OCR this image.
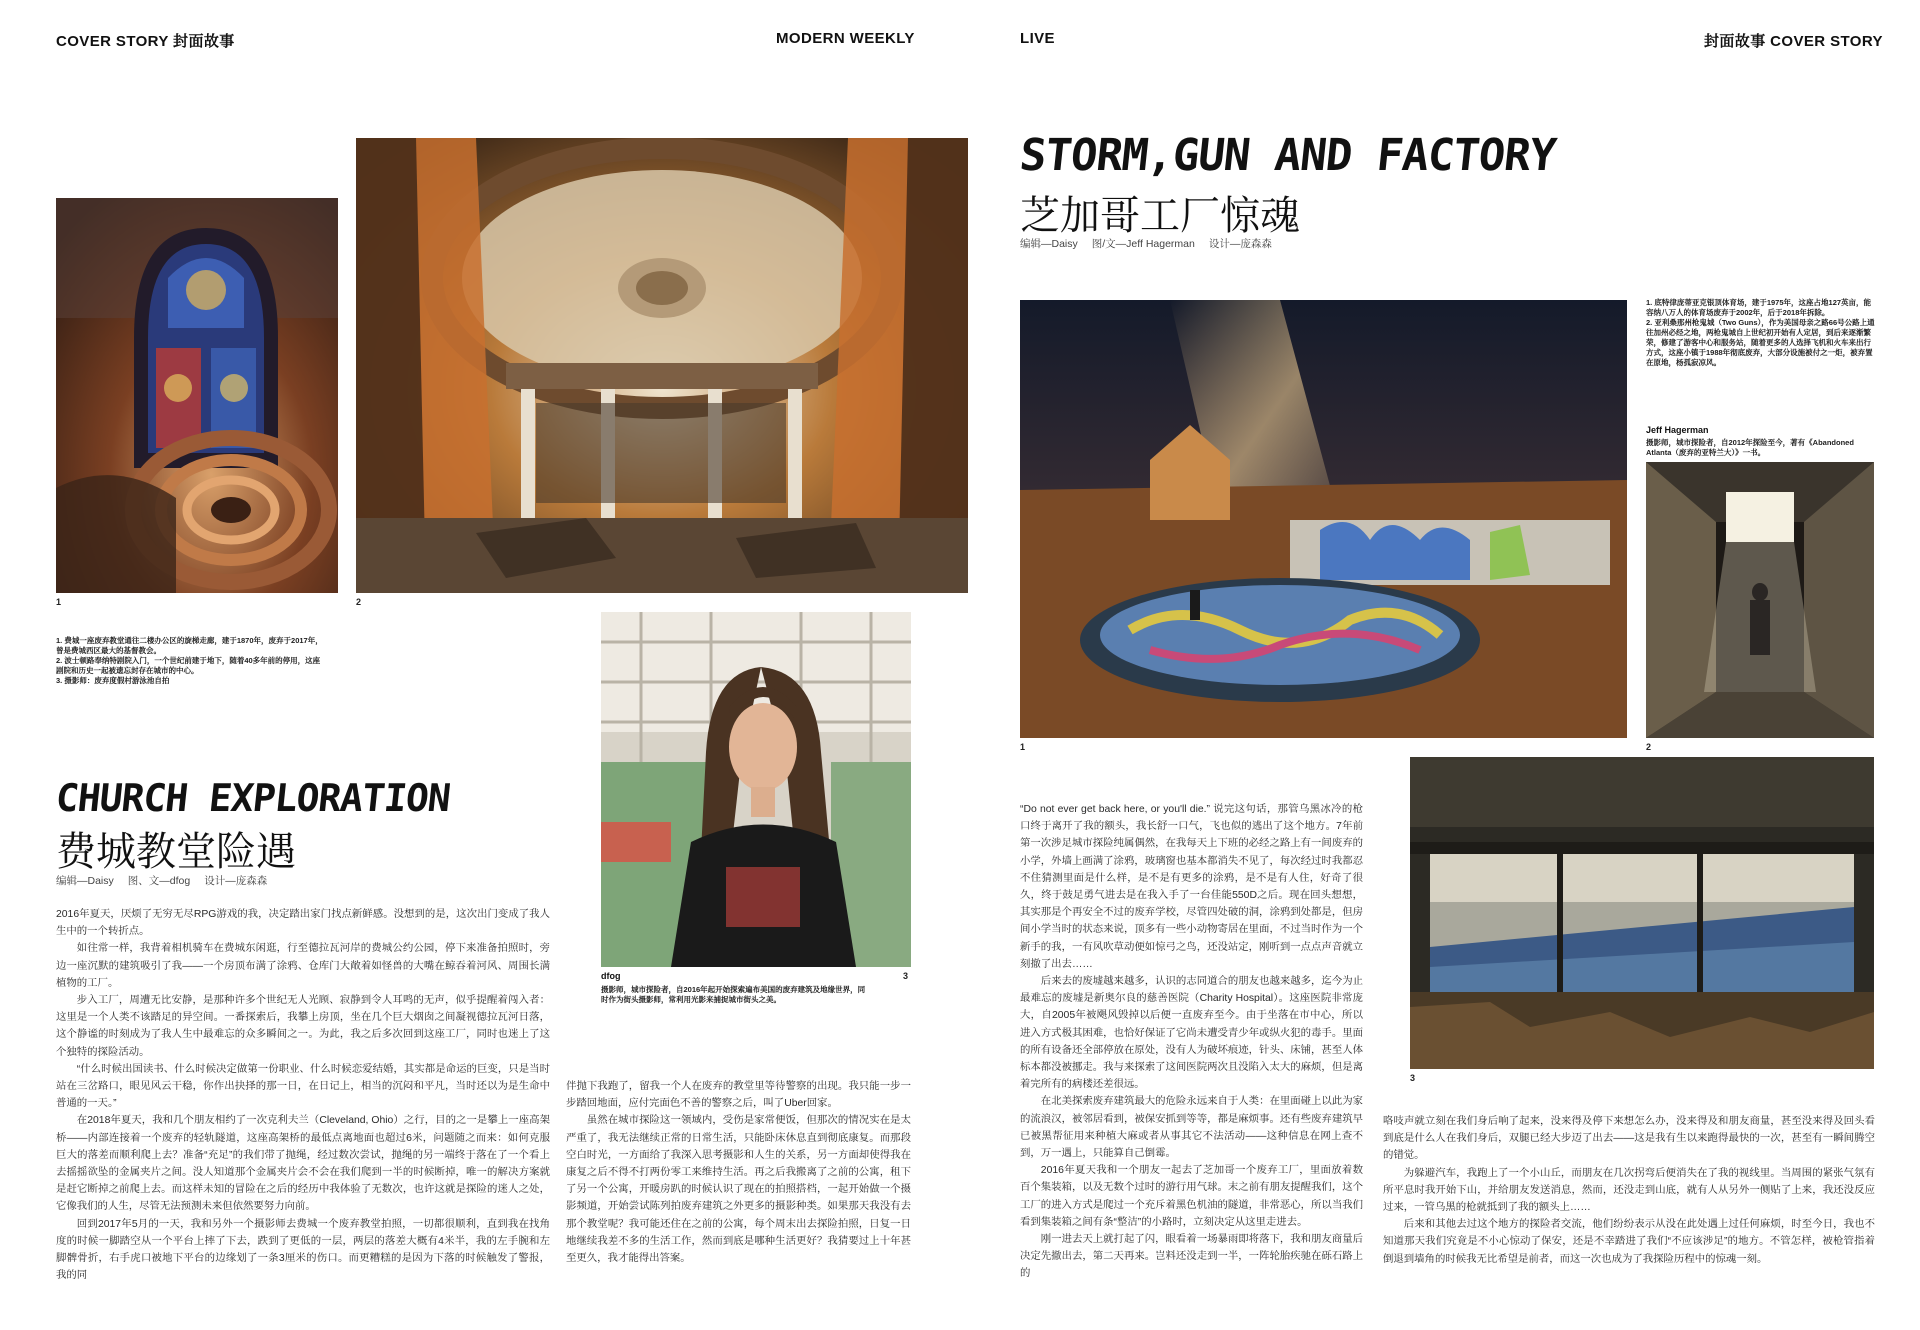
COVER STORY 封面故事	MODERN WEEKLY	LIVE	封面故事 COVER STORY
1	2

1. 费城一座废弃教堂通往二楼办公区的旋梯走廊，建于1870年，废弃于2017年，曾是费城西区最大的基督教会。

2. 波士顿路奉纳特剧院入门，一个世纪前建于地下，随着40多年前的停用，这座剧院和历史一起被遗忘封存在城市的中心。

3. 摄影师：废弃度假村游泳池自拍

dfog	3
摄影师，城市探险者，自2016年起开始探索遍布美国的废弃建筑及地缘世界，同时作为街头摄影师，常利用光影来捕捉城市街头之美。
CHURCH EXPLORATION
费城教堂险遇
编辑—Daisy 图、文—dfog 设计—庞森森

2016年夏天，厌烦了无穷无尽RPG游戏的我，决定踏出家门找点新鲜感。没想到的是，这次出门变成了我人生中的一个转折点。

如往常一样，我背着相机骑车在费城东闲逛，行至德拉瓦河岸的费城公约公园，停下来准备拍照时，旁边一座沉默的建筑吸引了我——一个房顶布满了涂鸦、仓库门大敞着如怪兽的大嘴在鲸吞着河风、周围长满植物的工厂。

步入工厂，周遭无比安静，是那种许多个世纪无人光顾、寂静到令人耳鸣的无声，似乎提醒着闯入者：这里是一个人类不该踏足的异空间。一番探索后，我攀上房顶，坐在几个巨大烟囱之间凝视德拉瓦河日落，这个静谧的时刻成为了我人生中最难忘的众多瞬间之一。为此，我之后多次回到这座工厂，同时也迷上了这个独特的探险活动。

“什么时候出国读书、什么时候决定做第一份职业、什么时候恋爱结婚，其实都是命运的巨变，只是当时站在三岔路口，眼见风云干稳，你作出抉择的那一日，在日记上，相当的沉闷和平凡，当时还以为是生命中普通的一天。”

在2018年夏天，我和几个朋友相约了一次克利夫兰（Cleveland, Ohio）之行，目的之一是攀上一座高架桥——内部连接着一个废弃的轻轨隧道，这座高架桥的最低点离地面也超过6米，问题随之而来：如何克服巨大的落差而顺利爬上去？准备“充足”的我们带了抛绳，经过数次尝试，抛绳的另一端终于落在了一个看上去摇摇欲坠的金属夹片之间。没人知道那个金属夹片会不会在我们爬到一半的时候断掉，唯一的解决方案就是赶它断掉之前爬上去。而这样未知的冒险在之后的经历中我体验了无数次，也许这就是探险的迷人之处，它像我们的人生，尽管无法预测未来但依然要努力向前。

回到2017年5月的一天，我和另外一个摄影师去费城一个废弃教堂拍照，一切都很顺利，直到我在找角度的时候一脚踏空从一个平台上摔了下去，跌到了更低的一层，两层的落差大概有4米半，我的左手腕和左脚髀骨折，右手虎口被地下平台的边缘划了一条3厘米的伤口。而更糟糕的是因为下落的时候触发了警报，我的同

伴抛下我跑了，留我一个人在废弃的教堂里等待警察的出现。我只能一步一步踏回地面，应付完面色不善的警察之后，叫了Uber回家。

虽然在城市探险这一领域内，受伤是家常便饭，但那次的情况实在是太严重了，我无法继续正常的日常生活，只能卧床休息直到彻底康复。而那段空白时光，一方面给了我深入思考摄影和人生的关系，另一方面却使得我在康复之后不得不打两份零工来维持生活。再之后我搬离了之前的公寓，租下了另一个公寓，开暖房趴的时候认识了现在的拍照搭档，一起开始做一个摄影频道，开始尝试陈列拍废弃建筑之外更多的摄影种类。如果那天我没有去那个教堂呢？我可能还住在之前的公寓，每个周末出去探险拍照，日复一日地继续我差不多的生活工作，然而到底是哪种生活更好？我猜要过上十年甚至更久，我才能得出答案。

STORM,GUN AND FACTORY
芝加哥工厂惊魂
编辑—Daisy 图/文—Jeff Hagerman 设计—庞森森
1

1. 底特律庞蒂亚克银顶体育场，建于1975年，这座占地127英亩，能容纳八万人的体育场废弃于2002年，后于2018年拆除。

2. 亚利桑那州枪鬼城（Two Guns），作为美国母亲之路66号公路上通往加州必经之地，两枪鬼城自上世纪初开始有人定居，到后来逐渐繁荣，修建了游客中心和服务站，随着更多的人选择飞机和火车来出行方式，这座小镇于1988年彻底废弃，大部分设施被付之一炬，被弃置在原地，杨孤寂凉风。

Jeff Hagerman
摄影师，城市探险者，自2012年探险至今，著有《Abandoned Atlanta（废弃的亚特兰大）》一书。
2
3

“Do not ever get back here, or you'll die.” 说完这句话，那管乌黑冰冷的枪口终于离开了我的额头，我长舒一口气，飞也似的逃出了这个地方。7年前第一次涉足城市探险纯属偶然，在我每天上下班的必经之路上有一间废弃的小学，外墙上画满了涂鸦，玻璃窗也基本都消失不见了，每次经过时我都忍不住猜测里面是什么样，是不是有更多的涂鸦，是不是有人住，好奇了很久，终于鼓足勇气进去是在我入手了一台佳能550D之后。现在回头想想，其实那是个再安全不过的废弃学校，尽管四处破的洞，涂鸦到处都是，但房间小学当时的状态来说，顶多有一些小动物寄居在里面，不过当时作为一个新手的我，一有风吹草动便如惊弓之鸟，还没站定，刚听到一点点声音就立刻撤了出去……

后来去的废墟越来越多，认识的志同道合的朋友也越来越多，迄今为止最难忘的废墟是新奥尔良的慈善医院（Charity Hospital）。这座医院非常庞大，自2005年被飓风毁掉以后便一直废弃至今。由于坐落在市中心，所以进入方式极其困难，也恰好保证了它尚未遭受青少年或纵火犯的毒手。里面的所有设备还全部停放在原处，没有人为破坏痕迹，针头、床铺，甚至人体标本都没被挪走。我与来探索了这间医院两次且没陷入太大的麻烦，但是离着完所有的病楼还差很远。

在北美探索废弃建筑最大的危险永远来自于人类：在里面碰上以此为家的流浪汉，被邻居看到，被保安抓到等等，都是麻烦事。还有些废弃建筑早已被黑帮征用来种植大麻或者从事其它不法活动——这种信息在网上查不到，万一遇上，只能算自己倒霉。

2016年夏天我和一个朋友一起去了芝加哥一个废弃工厂，里面放着数百个集装箱，以及无数个过时的游行用气球。末之前有朋友提醒我们，这个工厂的进入方式是爬过一个充斥着黑色机油的隧道，非常恶心，所以当我们看到集装箱之间有条“整洁”的小路时，立刻决定从这里走进去。

刚一进去天上就打起了闪，眼看着一场暴雨即将落下，我和朋友商量后决定先撤出去，第二天再来。岂料还没走到一半，一阵轮胎疾驰在砾石路上的

咯吱声就立刻在我们身后响了起来，没来得及停下来想怎么办，没来得及和朋友商量，甚至没来得及回头看到底是什么人在我们身后，双腿已经大步迈了出去——这是我有生以来跑得最快的一次，甚至有一瞬间腾空的错觉。

为躲避汽车，我跑上了一个小山丘，而朋友在几次拐弯后便消失在了我的视线里。当周围的紧张气氛有所平息时我开始下山，并给朋友发送消息，然而，还没走到山底，就有人从另外一侧贴了上来，我还没反应过来，一管乌黑的枪就抵到了我的额头上……

后来和其他去过这个地方的探险者交流，他们纷纷表示从没在此处遇上过任何麻烦，时至今日，我也不知道那天我们究竟是不小心惊动了保安，还是不幸踏进了我们“不应该涉足”的地方。不管怎样，被枪管指着倒退到墙角的时候我无比希望是前者，而这一次也成为了我探险历程中的惊魂一刻。
